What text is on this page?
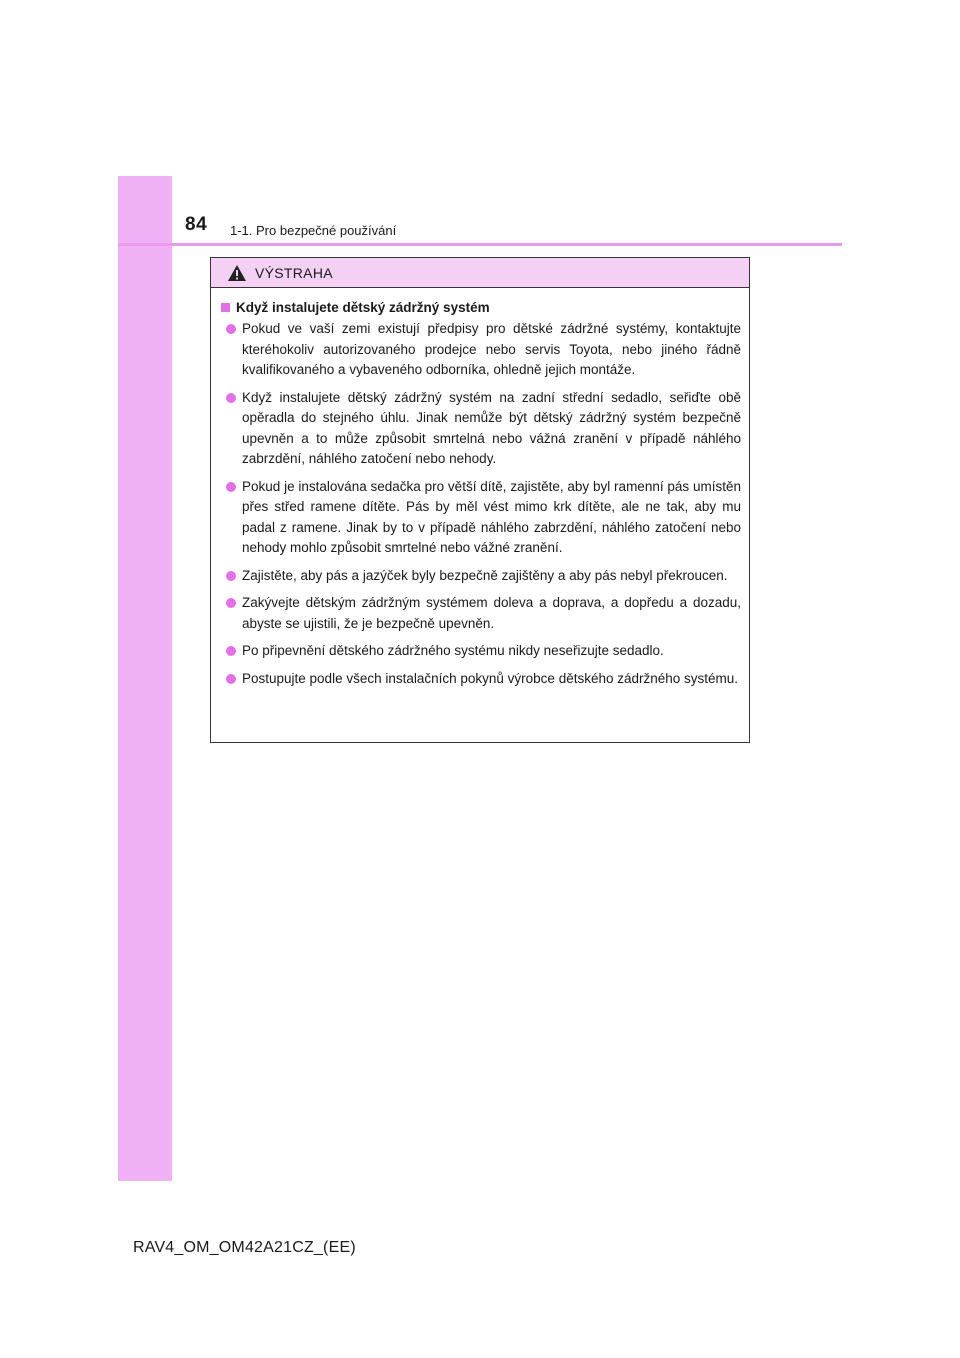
84 1-1. Pro bezpečné používání
VÝSTRAHA
Když instalujete dětský zádržný systém
Pokud ve vaší zemi existují předpisy pro dětské zádržné systémy, kontaktujte kteréhokoliv autorizovaného prodejce nebo servis Toyota, nebo jiného řádně kvalifikovaného a vybaveného odborníka, ohledně jejich montáže.
Když instalujete dětský zádržný systém na zadní střední sedadlo, seřiďte obě opěradla do stejného úhlu. Jinak nemůže být dětský zádržný systém bezpečně upevněn a to může způsobit smrtelná nebo vážná zranění v případě náhlého zabrzdění, náhlého zatočení nebo nehody.
Pokud je instalována sedačka pro větší dítě, zajistěte, aby byl ramenní pás umístěn přes střed ramene dítěte. Pás by měl vést mimo krk dítěte, ale ne tak, aby mu padal z ramene. Jinak by to v případě náhlého zabrzdění, náhlého zatočení nebo nehody mohlo způsobit smrtelné nebo vážné zranění.
Zajistěte, aby pás a jazýček byly bezpečně zajištěny a aby pás nebyl překroucen.
Zakývejte dětským zádržným systémem doleva a doprava, a dopředu a dozadu, abyste se ujistili, že je bezpečně upevněn.
Po připevnění dětského zádržného systému nikdy neseřizujte sedadlo.
Postupujte podle všech instalačních pokynů výrobce dětského zádržného systému.
RAV4_OM_OM42A21CZ_(EE)
